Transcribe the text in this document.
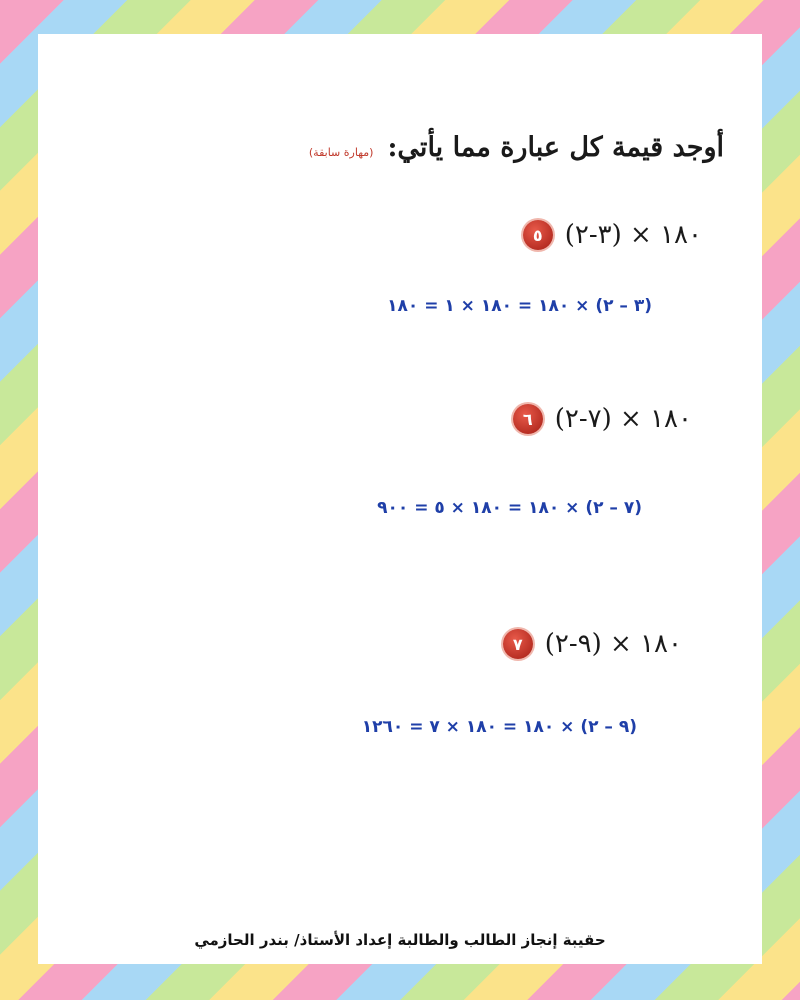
أوجد قيمة كل عبارة مما يأتي:
(مهارة سابقة)
٥ (٣-٢) × ١٨٠
(٣ – ٢) × ١٨٠ = ١٨٠ × ١ = ١٨٠
٦ (٧-٢) × ١٨٠
(٧ – ٢) × ١٨٠ = ١٨٠ × ٥ = ٩٠٠
٧ (٩-٢) × ١٨٠
(٩ – ٢) × ١٨٠ = ١٨٠ × ٧ = ١٢٦٠
حقيبة إنجاز الطالب والطالبة إعداد الأستاذ/ بندر الحازمي
